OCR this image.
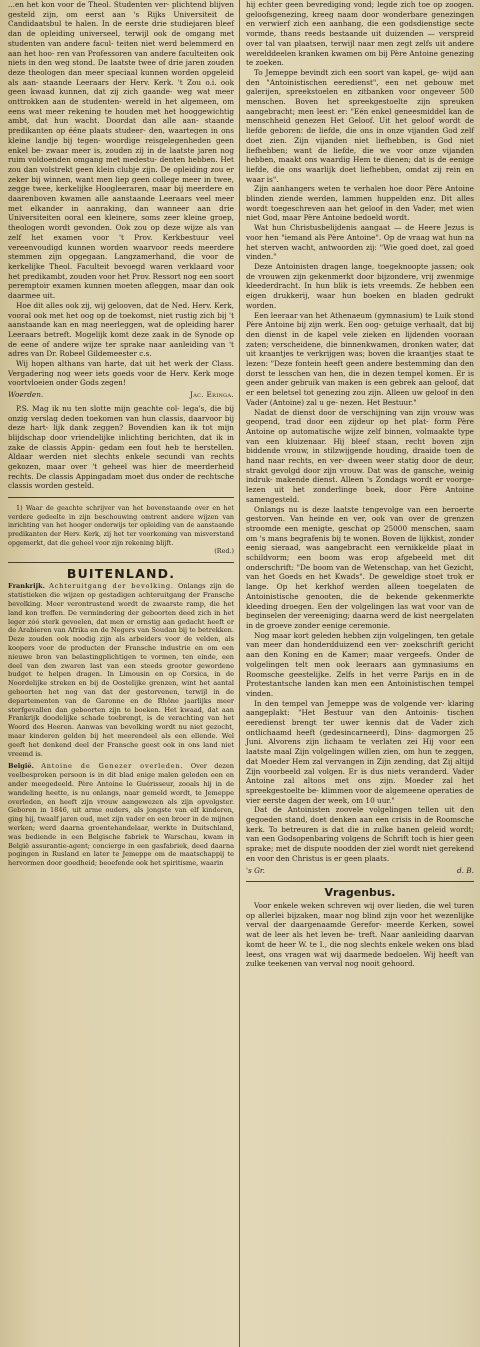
...en het kon voor de Theol. Studenten ver- plichtend blijven gesteld zijn, om eerst aan 's Rijks Universiteit de Candidaatsbul te halen. In de eerste drie studiejaren bleef dan de opleiding universeel, terwijl ook de omgang met studenten van andere facul- teiten niet werd belemmerd en aan het hoo- ren van Professoren van andere faculteiten ook niets in den weg stond. De laatste twee of drie jaren zouden deze theologen dan meer speciaal kunnen worden opgeleid als aan- staande Leeraars der Herv. Kerk. 't Zou o.i. ook geen kwaad kunnen, dat zij zich gaande- weg wat meer onttrokken aan de studenten- wereld in het algemeen, om eens wat meer rekening te houden met het hooggewichtig ambt, dat hun wacht. Doordat dan alle aan- staande predikanten op ééne plaats studeer- den, waartegen in ons kleine landje bij tegen- woordige reisgelegenheden geen enkel be- zwaar meer is, zouden zij in de laatste jaren nog ruim voldoenden omgang met medestu- denten hebben. Het zou dan volstrekt geen klein clubje zijn. De opleiding zou er zeker bij winnen, want men liep geen college meer in twee, zegge twee, kerkelijke Hoogleeraren, maar bij meerdere en daarenboven kwamen alle aanstaande Leeraars veel meer met elkander in aanraking, dan wanneer aan drie Universiteiten ooral een kleinere, soms zeer kleine groep, theologen wordt gevonden. Ook zou op deze wijze als van zelf het examen voor 't Prov. Kerkbestuur veel vereenvoudigd kunnen worden waarvoor reeds meerdere stemmen zijn opgegaan. Langzamerhand, die voor de kerkelijke Theol. Faculteit bevoegd waren verklaard voor het predikambt, zouden voor het Prov. Ressort nog een soort peremptoir examen kunnen moeten afleggen, maar dan ook daarmee uit.

Hoe dit alles ook zij, wij gelooven, dat de Ned. Herv. Kerk, vooral ook met het oog op de toekomst, niet rustig zich bij 't aanstaande kan en mag neerleggen, wat de opleiding harer Leeraars betreft. Mogelijk komt deze zaak in de Synode op de eene of andere wijze ter sprake naar aanleiding van 't adres van Dr. Robeel Gildemeester c.s.

Wij hopen althans van harte, dat uit het werk der Class. Vergadering nog weer iets goeds voor de Herv. Kerk moge voortvloeien onder Gods zegen!

Woerden.	Jac. Eringa.

P.S. Mag ik nu ten slotte mijn geachte col- lega's, die bij onzig verslag deden toekomen van hun classis, daarvoor bij deze hart- lijk dank zeggen? Bovendien kan ik tot mijn blijdschap door vriendelijke inlichting berichten, dat ik in zake de classis Appin- gedam een fout heb te herstellen. Aldaar werden niet slechts enkele secundi van rechts gekozen, maar over 't geheel was hier de meerderheid rechts. De classis Appingadam moet dus onder de rechtsche classis worden gesteld.

1) Waar de geachte schrijver van het bovenstaande over en het verdere gedeelte in zijn beschouwing omtrent andere wijzen van inrichting van het hooger onderwijs ter opleiding van de aanstaande predikanten der Herv. Kerk, zij het ter voorkoming van misverstand opgemerkt, dat die geheel voor zijn rekening blijft.

(Red.)
BUITENLAND.

Frankrijk. Achteruitgang der bevolking. Onlangs zijn de statistieken die wijzen op gestadigen achteruitgang der Fransche bevolking. Meer verontrustend wordt de zwaarste ramp, die het land kon treffen. De vermindering der geboorten deed zich in het leger zóó sterk gevoelen, dat men er ernstig aan gedacht heeft er de Arabieren van Afrika en de Negers van Soudan bij te betrekken. Deze zouden ook noodig zijn als arbeiders voor de velden, als koopers voor de producten der Fransche industrie en om een nieuwe bron van belastingplichtigen te vormen, ten einde, een deel van den zwaren last van een steeds grooter gewordene budget te helpen dragen. In Limousin en op Corsica, in de Noordelijke streken en bij de Oostelijke grenzen, wint het aantal geboorten het nog van dat der gestorvenen, terwijl in de departementen van de Garonne en de Rhône jaarlijks meer sterfgevallen dan geboorten zijn te boeken. Het kwaad, dat aan Frankrijk doodelijke schade toebrengt, is de verachting van het Woord des Heeren. Aanwas van bevolking wordt nu niet gezocht, maar kinderen gelden bij het meerendeel als een ellende. Wel geeft het denkend deel der Fransche geest ook in ons land niet vreemd is.

België. Antoine de Genezer overleden. Over dezen veelbesproken persoon is in dit blad enige malen geleden een en ander meegedeeld. Père Antoine le Guérisseur, zooals hij in de wandeling heette, is nu onlangs, naar gemeld wordt, te Jemeppe overleden, en heeft zijn vrouw aangewezen als zijn opvolgster. Geboren in 1846, uit arme ouders, als jongste van elf kinderen, ging hij, twaalf jaren oud, met zijn vader en een broer in de mijnen werken; werd daarna groentehandelaar, werkte in Duitschland, was bediende in een Belgische fabriek te Warschau, kwam in België assurantie-agent; concierge in een gasfabriek, deed daarna pogingen in Rusland en later te Jemeppe om de maatschappij te hervormen door goedheid; beoefende ook het spiritisme, waarin

hij echter geen bevrediging vond; legde zich toe op zoogen. geloofsgenezing, kreeg naam door wonderbare genezingen en verwierf zich een aanhang, die een godsdienstige secte vormde, thans reeds bestaande uit duizenden — verspreid over tal van plaatsen, terwijl naar men zegt zelfs uit andere werelddeelen kranken kwamen om bij Père Antoine genezing te zoeken.

To Jemeppe bevindt zich een soort van kapel, ge- wijd aan den "Antoinistischen eeredienst", een net gebouw met galerijen, spreekstoelen en zitbanken voor ongeveer 500 menschen. Boven het spreekgestoelte zijn spreuken aangebracht; men leest er: "Eén enkel geneesmiddel kan de menschheid genezen Het Geloof. Uit het geloof wordt de liefde geboren: de liefde, die ons in onze vijanden God zelf doet zien. Zijn vijanden niet liefhebben, is God niet liefhebben; want de liefde, die we voor onze vijanden hebben, maakt ons waardig Hem te dienen; dat is de eenige liefde, die ons waarlijk doet liefhebben, omdat zij rein en waar is".

Zijn aanhangers weten te verhalen hoe door Père Antoine blinden ziende werden, lammen huppelden enz. Dit alles wordt toegeschreven aan het geloof in den Vader, met wien niet God, maar Père Antoine bedoeld wordt.

Wat hun Christusbelijdenis aangaat — de Heere Jezus is voor hen "iemand als Père Antoine". Op de vraag wat hun na het sterven wacht, antwoorden zij: "Wie goed doet, zal goed vinden."

Deze Antoinisten dragen lange, toegeknoopte jassen; ook de vrouwen zijn gekenmerkt door bijzondere, vrij zwenmige kleederdracht. In hun blik is iets vreemds. Ze hebben een eigen drukkerij, waar hun boeken en bladen gedrukt worden.

Een leeraar van het Athenaeum (gymnasium) te Luik stond Père Antoine bij zijn werk. Een oog- getuige verhaalt, dat bij den dienst in de kapel vele zieken en lijdenden vooraan zaten; verscheidene, die binnenkwamen, dronken water, dat uit kraantjes te verkrijgen was; boven die kraantjes staat te lezen: "Deze fontein heeft geen andere bestemming dan den dorst te lesschen van hen, die in dezen tempel komen. Er is geen ander gebruik van maken is een gebrek aan geloof, dat er een beletsel tot genezing zou zijn. Alleen uw geloof in den Vader (Antoine) zal u ge- nezen. Het Bestuur."

Nadat de dienst door de verschijning van zijn vrouw was geopend, trad door een zijdeur op het plat- form Père Antoine op automatische wijze zelf binnen, volmaakte type van een kluizenaar. Hij bleef staan, recht boven zijn biddende vrouw, in stilzwijgende houding, draaide toen de hand naar rechts, en ver- dween weer statig door de deur, strakt gevolgd door zijn vrouw. Dat was de gansche, weinig indruk- makende dienst. Alleen 's Zondags wordt er voorge- lezen uit het zonderlinge boek, door Père Antoine samengesteld.

Onlangs nu is deze laatste tengevolge van een beroerte gestorven. Van heinde en ver, ook van over de grenzen stroomde een menigte, geschat op 25000 menschen, saam om 's mans begrafenis bij te wonen. Boven de lijkkist, zonder eenig sieraad, was aangebracht een vernikkelde plaat in schildvorm; een boom was erop afgebeeld met dit onderschrift: "De boom van de Wetenschap, van het Gezicht, van het Goeds en het Kwads". De geweldige stoet trok er lange. Op het kerkhof werden alleen toegelaten de Antoinistische genooten, die de bekende gekenmerkte kleeding droegen. Een der volgelingen las wat voor van de beginselen der vereeniging; daarna werd de kist neergelaten in de groeve zonder eenige ceremonie.

Nog maar kort geleden hebben zijn volgelingen, ten getale van meer dan honderdduizend een ver- zoekschrift gericht aan den Koning en de Kamer; maar vergeefs. Onder de volgelingen telt men ook leeraars aan gymnasiums en Roomsche geestelijke. Zelfs in het verre Parijs en in de Protestantsche landen kan men een Antoinistischen tempel vinden.

In den tempel van Jemeppe was de volgende ver- klaring aangeplakt: "Het Bestuur van den Antoinis- tischen eeredienst brengt ter uwer kennis dat de Vader zich ontlichaamd heeft (gedesincarneerd), Dins- dagmorgen 25 Juni. Alvorens zijn lichaam te verlaten zei Hij voor een laatste maal Zijn volgelingen willen zien, om hun te zeggen, dat Moeder Hem zal vervangen in Zijn zending, dat Zij altijd Zijn voorbeeld zal volgen. Er is dus niets veranderd. Vader Antoine zal altoos met ons zijn. Moeder zal het spreekgestoelte be- klimmen voor de algemeene operaties de vier eerste dagen der week, om 10 uur."

Dat de Antoinisten zoovele volgelingen tellen uit den gegoeden stand, doet denken aan een crisis in de Roomsche kerk. To betreuren is dat die in zulke banen geleid wordt; van een Godsopenbaring volgens de Schrift toch is hier geen sprake; met de dispute noodden der ziel wordt niet gerekend en voor den Christus is er geen plaats.

's Gr.	d. B.
Vragenbus.

Voor enkele weken schreven wij over lieden, die wel turen op allerlei bijzaken, maar nog blind zijn voor het wezenlijke verval der daargenaamde Gerefor- meerde Kerken, sowel wat de leer als het leven be- treft. Naar aanleiding daarvan komt de heer W. te I., die nog slechts enkele weken ons blad leest, ons vragen wat wij daarmede bedoelen. Wij heeft van zulke teekenen van verval nog nooit gehoord.
